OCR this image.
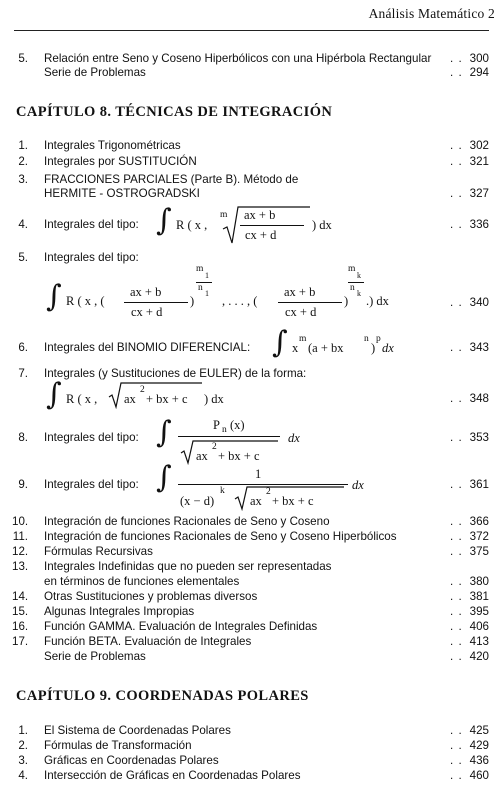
Análisis Matemático 2
5. Relación entre Seno y Coseno Hiperbólicos con una Hipérbola Rectangular . . 300
Serie de Problemas	. . 294
CAPÍTULO 8. TÉCNICAS DE INTEGRACIÓN
1. Integrales Trigonométricas	. . 302
2. Integrales por SUSTITUCIÓN	. . 321
3. FRACCIONES PARCIALES (Parte B). Método de
HERMITE - OSTROGRADSKI	. . 327
4. Integrales del tipo:	. . 336
∫ R ( x ,
m ax + b
cx + d
) dx
5. Integrales del tipo:
. . 340
∫ R ( x , (
ax + b
cx + d
)
m
1
n
1
, . . . , (
ax + b
cx + d
)
m
k
n
k
.) dx
6. Integrales del BINOMIO DIFERENCIAL:	. . 343
∫ x
m
(a + bx
n
)
p
dx
7. Integrales (y Sustituciones de EULER) de la forma:
. . 348
∫ R ( x , ax
2
+ bx + c ) dx
8. Integrales del tipo:	. . 353
∫	P n (x)
ax
2
+ bx + c
dx
9. Integrales del tipo:	. . 361
∫	1
(x − d)
k
ax
2
+ bx + c
dx
10. Integración de funciones Racionales de Seno y Coseno	. . 366
11. Integración de funciones Racionales de Seno y Coseno Hiperbólicos	. . 372
12. Fórmulas Recursivas	. . 375
13. Integrales Indefinidas que no pueden ser representadas
en términos de funciones elementales	. . 380
14. Otras Sustituciones y problemas diversos	. . 381
15. Algunas Integrales Impropias	. . 395
16. Función GAMMA. Evaluación de Integrales Definidas	. . 406
17. Función BETA. Evaluación de Integrales	. . 413
Serie de Problemas	. . 420
CAPÍTULO 9. COORDENADAS POLARES
1. El Sistema de Coordenadas Polares	. . 425
2. Fórmulas de Transformación	. . 429
3. Gráficas en Coordenadas Polares	. . 436
4. Intersección de Gráficas en Coordenadas Polares	. . 460
